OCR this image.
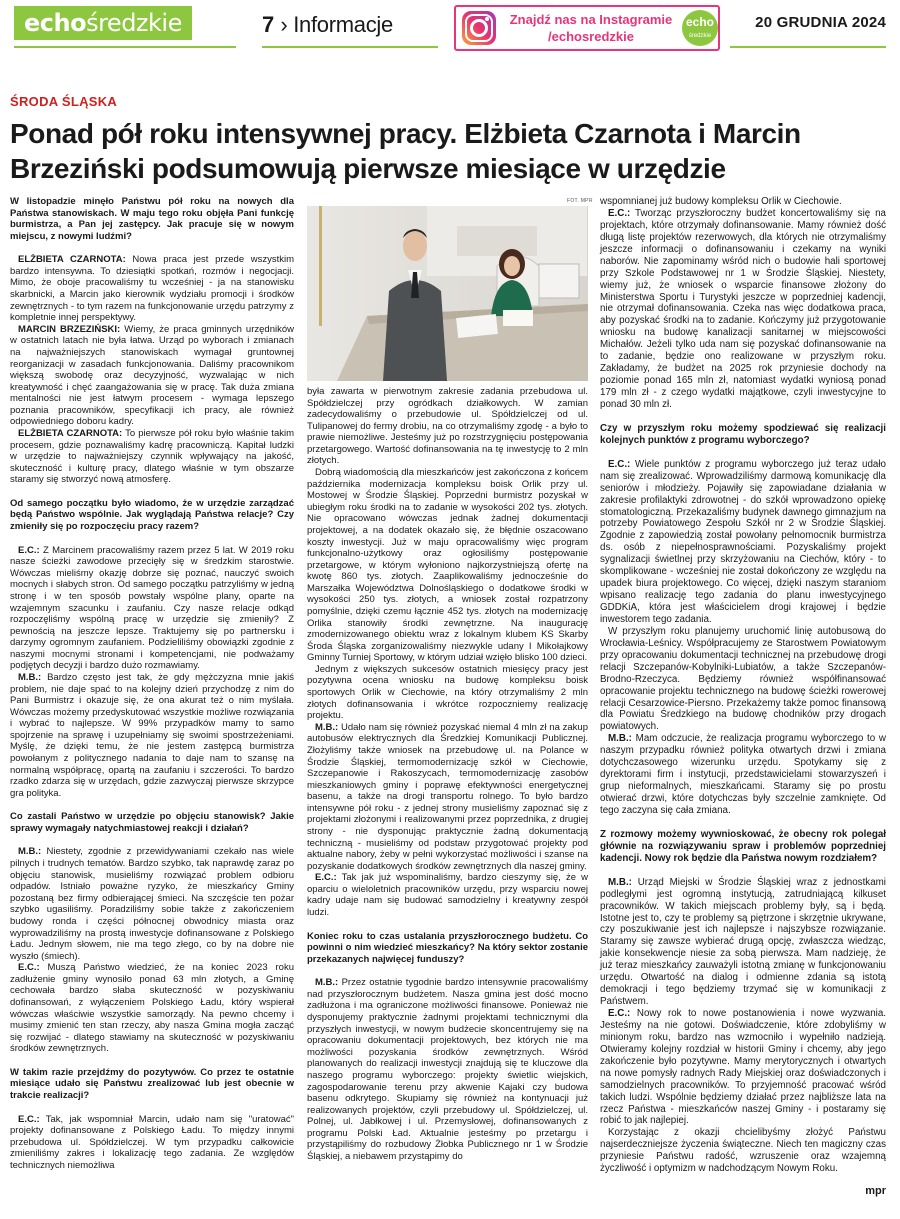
echośredzkie	7 › Informacje	Znajdź nas na Instagramie
/echosredzkie
echo
średzkie
20 GRUDNIA 2024
ŚRODA ŚLĄSKA
Ponad pół roku intensywnej pracy. Elżbieta Czarnota i Marcin Brzeziński podsumowują pierwsze miesiące w urzędzie
FOT. MPR

W listopadzie minęło Państwu pół roku na nowych dla Państwa stanowiskach. W maju tego roku objęła Pani funkcję burmistrza, a Pan jej zastępcy. Jak pracuje się w nowym miejscu, z nowymi ludźmi?

ELŻBIETA CZARNOTA: Nowa praca jest przede wszystkim bardzo intensywna. To dziesiątki spotkań, rozmów i negocjacji. Mimo, że oboje pracowaliśmy tu wcześniej - ja na stanowisku skarbnicki, a Marcin jako kierownik wydziału promocji i środków zewnętrznych - to tym razem na funkcjonowanie urzędu patrzymy z kompletnie innej perspektywy.

MARCIN BRZEZIŃSKI: Wiemy, że praca gminnych urzędników w ostatnich latach nie była łatwa. Urząd po wyborach i zmianach na najważniejszych stanowiskach wymagał gruntownej reorganizacji w zasadach funkcjonowania. Daliśmy pracownikom większą swobodę oraz decyzyjność, wyzwalając w nich kreatywność i chęć zaangażowania się w pracę. Tak duża zmiana mentalności nie jest łatwym procesem - wymaga lepszego poznania pracowników, specyfikacji ich pracy, ale również odpowiedniego doboru kadry.

ELŻBIETA CZARNOTA: To pierwsze pół roku było właśnie takim procesem, gdzie poznawaliśmy kadrę pracowniczą. Kapitał ludzki w urzędzie to najważniejszy czynnik wpływający na jakość, skuteczność i kulturę pracy, dlatego właśnie w tym obszarze staramy się stworzyć nową atmosferę.

Od samego początku było wiadomo, że w urzędzie zarządzać będą Państwo wspólnie. Jak wyglądają Państwa relacje? Czy zmieniły się po rozpoczęciu pracy razem?

E.C.: Z Marcinem pracowaliśmy razem przez 5 lat. W 2019 roku nasze ścieżki zawodowe przecięły się w średzkim starostwie. Wówczas mieliśmy okazję dobrze się poznać, nauczyć swoich mocnych i słabych stron. Od samego początku patrzyliśmy w jedną stronę i w ten sposób powstały wspólne plany, oparte na wzajemnym szacunku i zaufaniu. Czy nasze relacje odkąd rozpoczęliśmy wspólną pracę w urzędzie się zmieniły? Z pewnością na jeszcze lepsze. Traktujemy się po partnersku i darzymy ogromnym zaufaniem. Podzieliliśmy obowiązki zgodnie z naszymi mocnymi stronami i kompetencjami, nie podważamy podjętych decyzji i bardzo dużo rozmawiamy.

M.B.: Bardzo często jest tak, że gdy mężczyzna mnie jakiś problem, nie daje spać to na kolejny dzień przychodzę z nim do Pani Burmistrz i okazuje się, że ona akurat też o nim myślała. Wówczas możemy przedyskutować wszystkie możliwe rozwiązania i wybrać to najlepsze. W 99% przypadków mamy to samo spojrzenie na sprawę i uzupełniamy się swoimi spostrzeżeniami. Myślę, że dzięki temu, że nie jestem zastępcą burmistrza powołanym z politycznego nadania to daje nam to szansę na normalną współpracę, opartą na zaufaniu i szczerości. To bardzo rzadko zdarza się w urzędach, gdzie zazwyczaj pierwsze skrzypce gra polityka.

Co zastali Państwo w urzędzie po objęciu stanowisk? Jakie sprawy wymagały natychmiastowej reakcji i działań?

M.B.: Niestety, zgodnie z przewidywaniami czekało nas wiele pilnych i trudnych tematów. Bardzo szybko, tak naprawdę zaraz po objęciu stanowisk, musieliśmy rozwiązać problem odbioru odpadów. Istniało poważne ryzyko, że mieszkańcy Gminy pozostaną bez firmy odbierającej śmieci. Na szczęście ten pożar szybko ugasiliśmy. Poradziliśmy sobie także z zakończeniem budowy ronda i części północnej obwodnicy miasta oraz wyprowadziliśmy na prostą inwestycje dofinansowane z Polskiego Ładu. Jednym słowem, nie ma tego złego, co by na dobre nie wyszło (śmiech).

E.C.: Muszą Państwo wiedzieć, że na koniec 2023 roku zadłużenie gminy wynosiło ponad 63 mln złotych, a Gminę cechowała bardzo słaba skuteczność w pozyskiwaniu dofinansowań, z wyłączeniem Polskiego Ładu, który wspierał wówczas właściwie wszystkie samorządy. Na pewno chcemy i musimy zmienić ten stan rzeczy, aby nasza Gmina mogła zacząć się rozwijać - dlatego stawiamy na skuteczność w pozyskiwaniu środków zewnętrznych.

W takim razie przejdźmy do pozytywów. Co przez te ostatnie miesiące udało się Państwu zrealizować lub jest obecnie w trakcie realizacji?

E.C.: Tak, jak wspomniał Marcin, udało nam się "uratować" projekty dofinansowane z Polskiego Ładu. To między innymi przebudowa ul. Spółdzielczej. W tym przypadku całkowicie zmieniliśmy zakres i lokalizację tego zadania. Ze względów technicznych niemożliwa

była zawarta w pierwotnym zakresie zadania przebudowa ul. Spółdzielczej przy ogródkach działkowych. W zamian zadecydowaliśmy o przebudowie ul. Spółdzielczej od ul. Tulipanowej do fermy drobiu, na co otrzymaliśmy zgodę - a było to prawie niemożliwe. Jesteśmy już po rozstrzygnięciu postępowania przetargowego. Wartość dofinansowania na tę inwestycję to 2 mln złotych.

Dobrą wiadomością dla mieszkańców jest zakończona z końcem października modernizacja kompleksu boisk Orlik przy ul. Mostowej w Środzie Śląskiej. Poprzedni burmistrz pozyskał w ubiegłym roku środki na to zadanie w wysokości 202 tys. złotych. Nie opracowano wówczas jednak żadnej dokumentacji projektowej, a na dodatek okazało się, że błędnie oszacowano koszty inwestycji. Już w maju opracowaliśmy więc program funkcjonalno-użytkowy oraz ogłosiliśmy postępowanie przetargowe, w którym wyłoniono najkorzystniejszą ofertę na kwotę 860 tys. złotych. Zaaplikowaliśmy jednocześnie do Marszałka Województwa Dolnośląskiego o dodatkowe środki w wysokości 250 tys. złotych, a wniosek został rozpatrzony pomyślnie, dzięki czemu łącznie 452 tys. złotych na modernizację Orlika stanowiły środki zewnętrzne. Na inaugurację zmodernizowanego obiektu wraz z lokalnym klubem KS Skarby Środa Śląska zorganizowaliśmy niezwykle udany I Mikołajkowy Gminny Turniej Sportowy, w którym udział wzięło blisko 100 dzieci.

Jednym z większych sukcesów ostatnich miesięcy pracy jest pozytywna ocena wniosku na budowę kompleksu boisk sportowych Orlik w Ciechowie, na który otrzymaliśmy 2 mln złotych dofinansowania i wkrótce rozpoczniemy realizację projektu.

M.B.: Udało nam się również pozyskać niemal 4 mln zł na zakup autobusów elektrycznych dla Średzkiej Komunikacji Publicznej. Złożyliśmy także wniosek na przebudowę ul. na Polance w Środzie Śląskiej, termomodernizację szkół w Ciechowie, Szczepanowie i Rakoszycach, termomodernizację zasobów mieszkaniowych gminy i poprawę efektywności energetycznej basenu, a także na drogi transportu rolnego. To było bardzo intensywne pół roku - z jednej strony musieliśmy zapoznać się z projektami złożonymi i realizowanymi przez poprzednika, z drugiej strony - nie dysponując praktycznie żadną dokumentacją techniczną - musieliśmy od podstaw przygotować projekty pod aktualne nabory, żeby w pełni wykorzystać możliwości i szanse na pozyskanie dodatkowych środków zewnętrznych dla naszej gminy.

E.C.: Tak jak już wspominaliśmy, bardzo cieszymy się, że w oparciu o wieloletnich pracowników urzędu, przy wsparciu nowej kadry udaje nam się budować samodzielny i kreatywny zespół ludzi.

Koniec roku to czas ustalania przyszłorocznego budżetu. Co powinni o nim wiedzieć mieszkańcy? Na który sektor zostanie przekazanych najwięcej funduszy?

M.B.: Przez ostatnie tygodnie bardzo intensywnie pracowaliśmy nad przyszłorocznym budżetem. Nasza gmina jest dość mocno zadłużona i ma ograniczone możliwości finansowe. Ponieważ nie dysponujemy praktycznie żadnymi projektami technicznymi dla przyszłych inwestycji, w nowym budżecie skoncentrujemy się na opracowaniu dokumentacji projektowych, bez których nie ma możliwości pozyskania środków zewnętrznych. Wśród planowanych do realizacji inwestycji znajdują się te kluczowe dla naszego programu wyborczego: projekty świetlic wiejskich, zagospodarowanie terenu przy akwenie Kajaki czy budowa basenu odkrytego. Skupiamy się również na kontynuacji już realizowanych projektów, czyli przebudowy ul. Spółdzielczej, ul. Polnej, ul. Jabłkowej i ul. Przemysłowej, dofinansowanych z programu Polski Ład. Aktualnie jesteśmy po przetargu i przystąpiliśmy do rozbudowy Żłobka Publicznego nr 1 w Środzie Śląskiej, a niebawem przystąpimy do

wspomnianej już budowy kompleksu Orlik w Ciechowie.

E.C.: Tworząc przyszłoroczny budżet koncertowaliśmy się na projektach, które otrzymały dofinansowanie. Mamy również dość długą listę projektów rezerwowych, dla których nie otrzymaliśmy jeszcze informacji o dofinansowaniu i czekamy na wyniki naborów. Nie zapominamy wśród nich o budowie hali sportowej przy Szkole Podstawowej nr 1 w Środzie Śląskiej. Niestety, wiemy już, że wniosek o wsparcie finansowe złożony do Ministerstwa Sportu i Turystyki jeszcze w poprzedniej kadencji, nie otrzymał dofinansowania. Czeka nas więc dodatkowa praca, aby pozyskać środki na to zadanie. Kończymy już przygotowanie wniosku na budowę kanalizacji sanitarnej w miejscowości Michałów. Jeżeli tylko uda nam się pozyskać dofinansowanie na to zadanie, będzie ono realizowane w przyszłym roku. Zakładamy, że budżet na 2025 rok przyniesie dochody na poziomie ponad 165 mln zł, natomiast wydatki wyniosą ponad 179 mln zł - z czego wydatki majątkowe, czyli inwestycyjne to ponad 30 mln zł.

Czy w przyszłym roku możemy spodziewać się realizacji kolejnych punktów z programu wyborczego?

E.C.: Wiele punktów z programu wyborczego już teraz udało nam się zrealizować. Wprowadziliśmy darmową komunikację dla seniorów i młodzieży. Pojawiły się zapowiadane działania w zakresie profilaktyki zdrowotnej - do szkół wprowadzono opiekę stomatologiczną. Przekazaliśmy budynek dawnego gimnazjum na potrzeby Powiatowego Zespołu Szkół nr 2 w Środzie Śląskiej. Zgodnie z zapowiedzią został powołany pełnomocnik burmistrza ds. osób z niepełnosprawnościami. Pozyskaliśmy projekt sygnalizacji świetlnej przy skrzyżowaniu na Ciechów, który - to skomplikowane - wcześniej nie został dokończony ze względu na upadek biura projektowego. Co więcej, dzięki naszym staraniom wpisano realizację tego zadania do planu inwestycyjnego GDDKiA, która jest właścicielem drogi krajowej i będzie inwestorem tego zadania.

W przyszłym roku planujemy uruchomić linię autobusową do Wrocławia-Leśnicy. Współpracujemy ze Starostwem Powiatowym przy opracowaniu dokumentacji technicznej na przebudowę drogi relacji Szczepanów-Kobylniki-Lubiatów, a także Szczepanów-Brodno-Rzeczyca. Będziemy również współfinansować opracowanie projektu technicznego na budowę ścieżki rowerowej relacji Cesarzowice-Piersno. Przekażemy także pomoc finansową dla Powiatu Średzkiego na budowę chodników przy drogach powiatowych.

M.B.: Mam odczucie, że realizacja programu wyborczego to w naszym przypadku również polityka otwartych drzwi i zmiana dotychczasowego wizerunku urzędu. Spotykamy się z dyrektorami firm i instytucji, przedstawicielami stowarzyszeń i grup nieformalnych, mieszkańcami. Staramy się po prostu otwierać drzwi, które dotychczas były szczelnie zamknięte. Od tego zaczyna się cała zmiana.

Z rozmowy możemy wywnioskować, że obecny rok polegał głównie na rozwiązywaniu spraw i problemów poprzedniej kadencji. Nowy rok będzie dla Państwa nowym rozdziałem?

M.B.: Urząd Miejski w Środzie Śląskiej wraz z jednostkami podległymi jest ogromną instytucją, zatrudniającą kilkuset pracowników. W takich miejscach problemy były, są i będą. Istotne jest to, czy te problemy są piętrzone i skrzętnie ukrywane, czy poszukiwanie jest ich najlepsze i najszybsze rozwiązanie. Staramy się zawsze wybierać drugą opcję, zwłaszcza wiedząc, jakie konsekwencje niesie za sobą pierwsza. Mam nadzieję, że już teraz mieszkańcy zauważyli istotną zmianę w funkcjonowaniu urzędu. Otwartość na dialog i odmienne zdania są istotą demokracji i tego będziemy trzymać się w komunikacji z Państwem.

E.C.: Nowy rok to nowe postanowienia i nowe wyzwania. Jesteśmy na nie gotowi. Doświadczenie, które zdobyliśmy w minionym roku, bardzo nas wzmocniło i wypełniło nadzieją. Otwieramy kolejny rozdział w historii Gminy i chcemy, aby jego zakończenie było pozytywne. Mamy merytorycznych i otwartych na nowe pomysły radnych Rady Miejskiej oraz doświadczonych i samodzielnych pracowników. To przyjemność pracować wśród takich ludzi. Wspólnie będziemy działać przez najbliższe lata na rzecz Państwa - mieszkańców naszej Gminy - i postaramy się robić to jak najlepiej.

Korzystając z okazji chcielibyśmy złożyć Państwu najserdeczniejsze życzenia świąteczne. Niech ten magiczny czas przyniesie Państwu radość, wzruszenie oraz wzajemną życzliwość i optymizm w nadchodzącym Nowym Roku.

mpr
